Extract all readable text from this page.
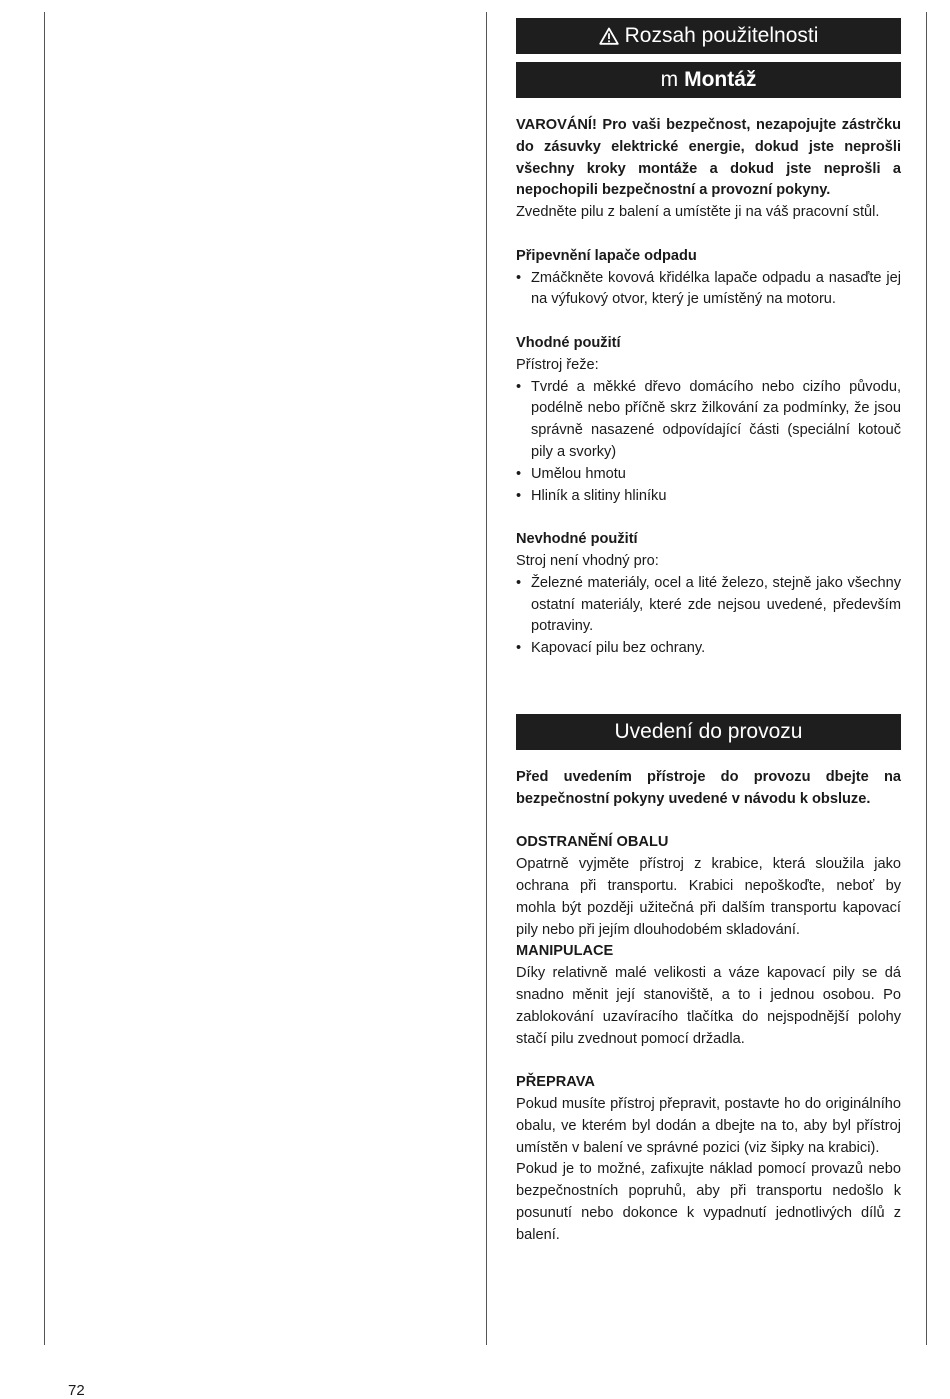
Rozsah použitelnosti
m Montáž

VAROVÁNÍ! Pro vaši bezpečnost, nezapojujte zástrčku do zásuvky elektrické energie, dokud jste neprošli všechny kroky montáže a dokud jste neprošli a nepochopili bezpečnostní a provozní pokyny.

Zvedněte pilu z balení a umístěte ji na váš pracovní stůl.

Připevnění lapače odpadu

• Zmáčkněte kovová křidélka lapače odpadu a nasaďte jej na výfukový otvor, který je umístěný na motoru.

Vhodné použití

Přístroj řeže:

• Tvrdé a měkké dřevo domácího nebo cizího původu, podélně nebo příčně skrz žilkování za podmínky, že jsou správně nasazené odpovídající části (speciální kotouč pily a svorky)
• Umělou hmotu
• Hliník a slitiny hliníku

Nevhodné použití

Stroj není vhodný pro:

• Železné materiály, ocel a lité železo, stejně jako všechny ostatní materiály, které zde nejsou uvedené, především potraviny.
• Kapovací pilu bez ochrany.
Uvedení do provozu

Před uvedením přístroje do provozu dbejte na bezpečnostní pokyny uvedené v návodu k obsluze.

ODSTRANĚNÍ OBALU

Opatrně vyjměte přístroj z krabice, která sloužila jako ochrana při transportu. Krabici nepoškoďte, neboť by mohla být později užitečná při dalším transportu kapovací pily nebo při jejím dlouhodobém skladování.

MANIPULACE

Díky relativně malé velikosti a váze kapovací pily se dá snadno měnit její stanoviště, a to i jednou osobou. Po zablokování uzavíracího tlačítka do nejspodnější polohy stačí pilu zvednout pomocí držadla.

PŘEPRAVA

Pokud musíte přístroj přepravit, postavte ho do originálního obalu, ve kterém byl dodán a dbejte na to, aby byl přístroj umístěn v balení ve správné pozici (viz šipky na krabici).

Pokud je to možné, zafixujte náklad pomocí provazů nebo bezpečnostních popruhů, aby při transportu nedošlo k posunutí nebo dokonce k vypadnutí jednotlivých dílů z balení.

72
